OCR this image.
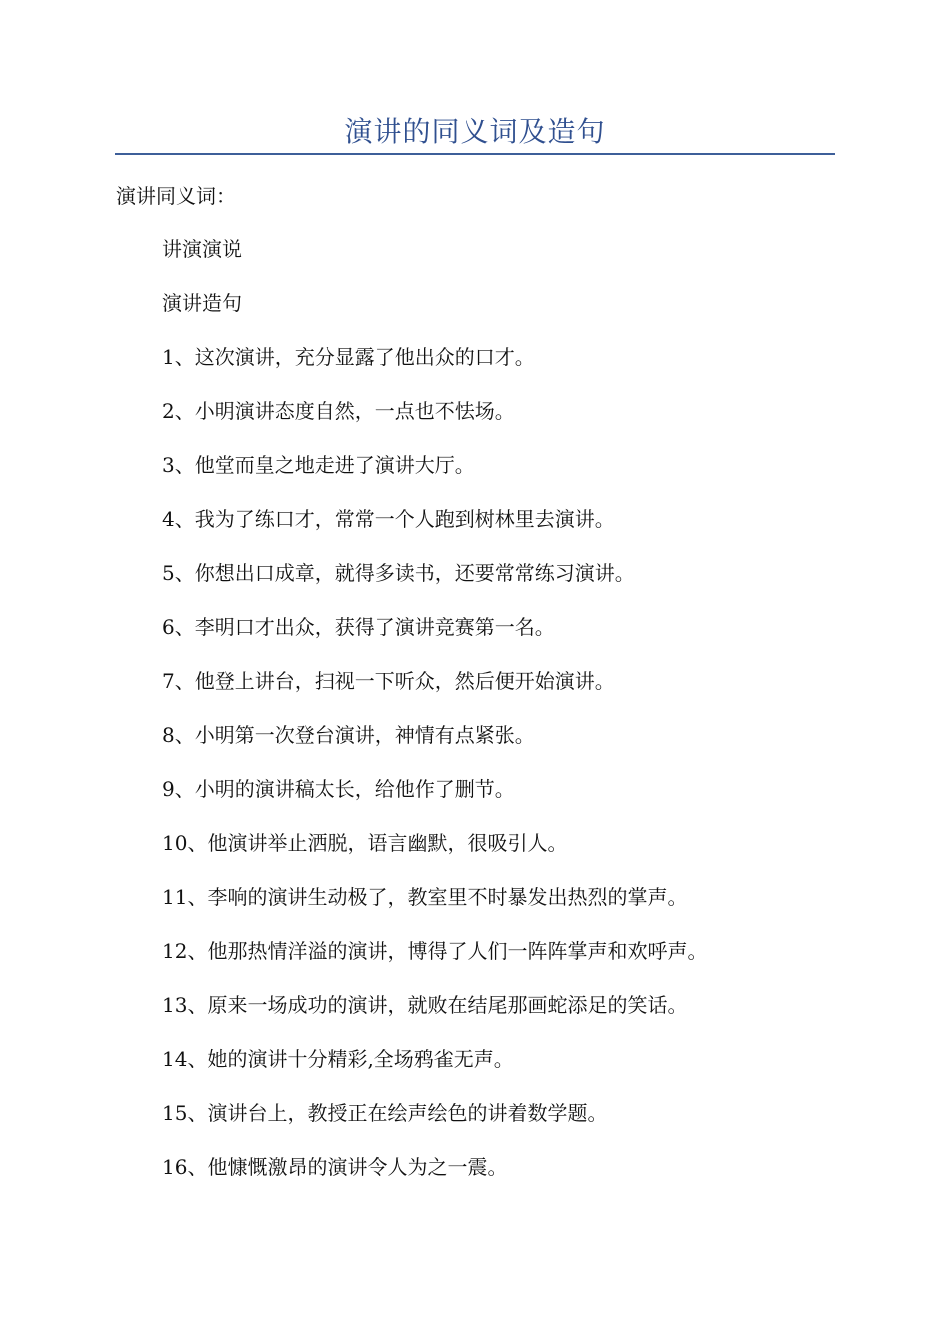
演讲的同义词及造句
演讲同义词：
讲演演说
演讲造句
1、这次演讲，充分显露了他出众的口才。
2、小明演讲态度自然，一点也不怯场。
3、他堂而皇之地走进了演讲大厅。
4、我为了练口才，常常一个人跑到树林里去演讲。
5、你想出口成章，就得多读书，还要常常练习演讲。
6、李明口才出众，获得了演讲竞赛第一名。
7、他登上讲台，扫视一下听众，然后便开始演讲。
8、小明第一次登台演讲，神情有点紧张。
9、小明的演讲稿太长，给他作了删节。
10、他演讲举止洒脱，语言幽默，很吸引人。
11、李响的演讲生动极了，教室里不时暴发出热烈的掌声。
12、他那热情洋溢的演讲，博得了人们一阵阵掌声和欢呼声。
13、原来一场成功的演讲，就败在结尾那画蛇添足的笑话。
14、她的演讲十分精彩,全场鸦雀无声。
15、演讲台上，教授正在绘声绘色的讲着数学题。
16、他慷慨激昂的演讲令人为之一震。
